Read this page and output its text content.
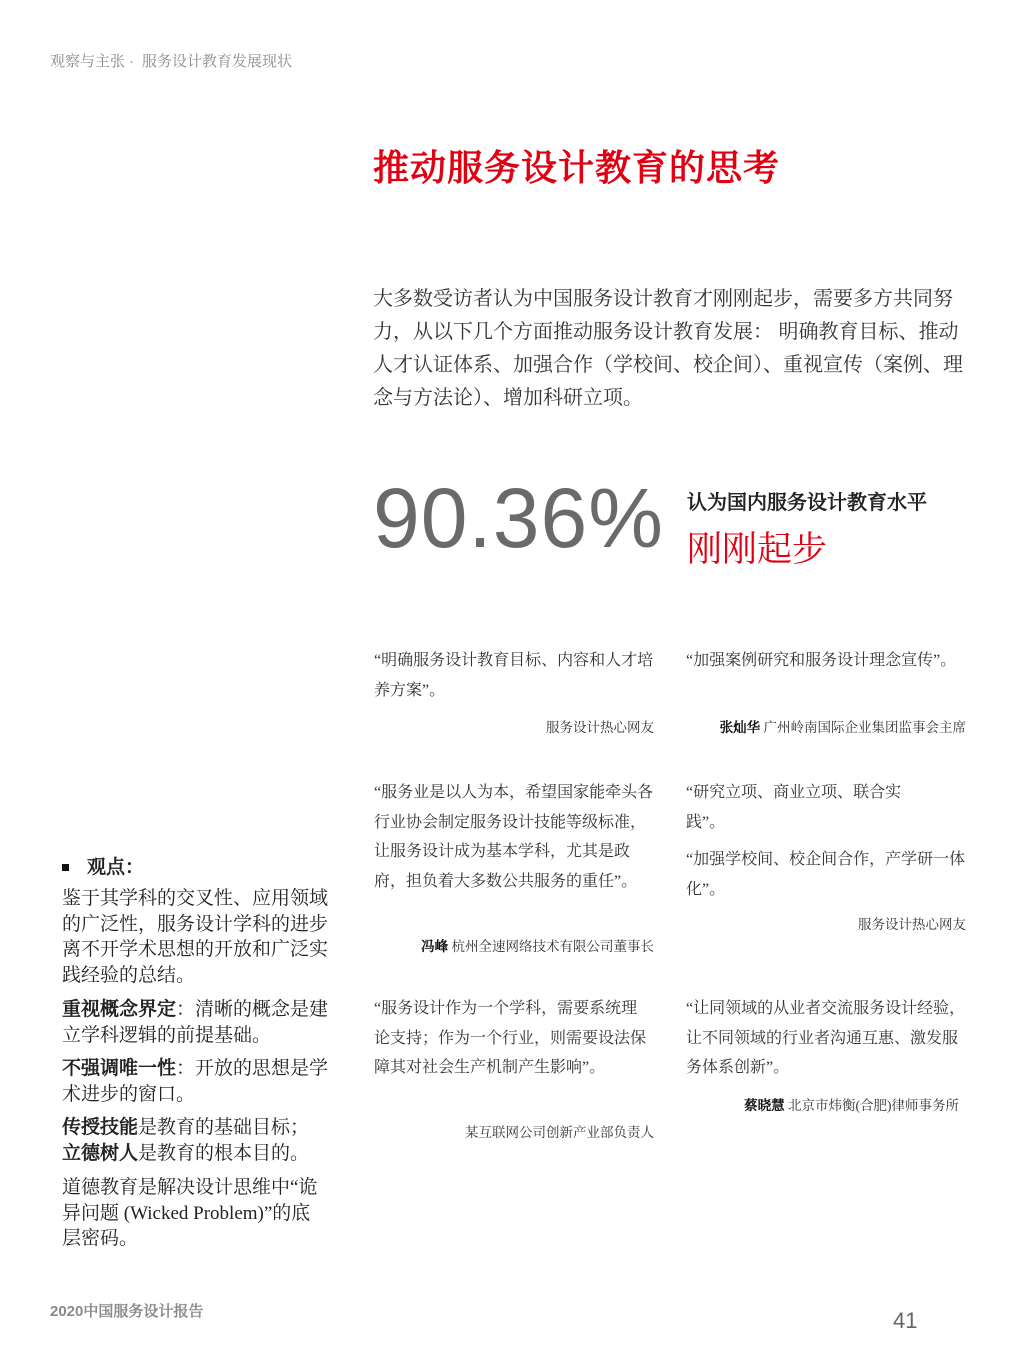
观察与主张 · 服务设计教育发展现状
推动服务设计教育的思考
大多数受访者认为中国服务设计教育才刚刚起步，需要多方共同努力，从以下几个方面推动服务设计教育发展： 明确教育目标、推动人才认证体系、加强合作（学校间、校企间）、重视宣传（案例、理念与方法论）、增加科研立项。
90.36% 认为国内服务设计教育水平
刚刚起步
“明确服务设计教育目标、内容和人才培养方案”。
服务设计热心网友
“加强案例研究和服务设计理念宣传”。
张灿华 广州岭南国际企业集团监事会主席
“服务业是以人为本，希望国家能牵头各行业协会制定服务设计技能等级标准，让服务设计成为基本学科，尤其是政府，担负着大多数公共服务的重任”。
冯峰 杭州全速网络技术有限公司董事长
“研究立项、商业立项、联合实践”。
“加强学校间、校企间合作，产学研一体化”。
服务设计热心网友
“服务设计作为一个学科，需要系统理论支持；作为一个行业，则需要设法保障其对社会生产机制产生影响”。
某互联网公司创新产业部负责人
“让同领域的从业者交流服务设计经验，让不同领域的行业者沟通互惠、激发服务体系创新”。
蔡晓慧 北京市炜衡(合肥)律师事务所
观点：
鉴于其学科的交叉性、应用领域的广泛性，服务设计学科的进步离不开学术思想的开放和广泛实践经验的总结。
重视概念界定：清晰的概念是建立学科逻辑的前提基础。
不强调唯一性：开放的思想是学术进步的窗口。
传授技能是教育的基础目标；
立德树人是教育的根本目的。
道德教育是解决设计思维中“诡异问题 (Wicked Problem)”的底层密码。
2020中国服务设计报告	41
